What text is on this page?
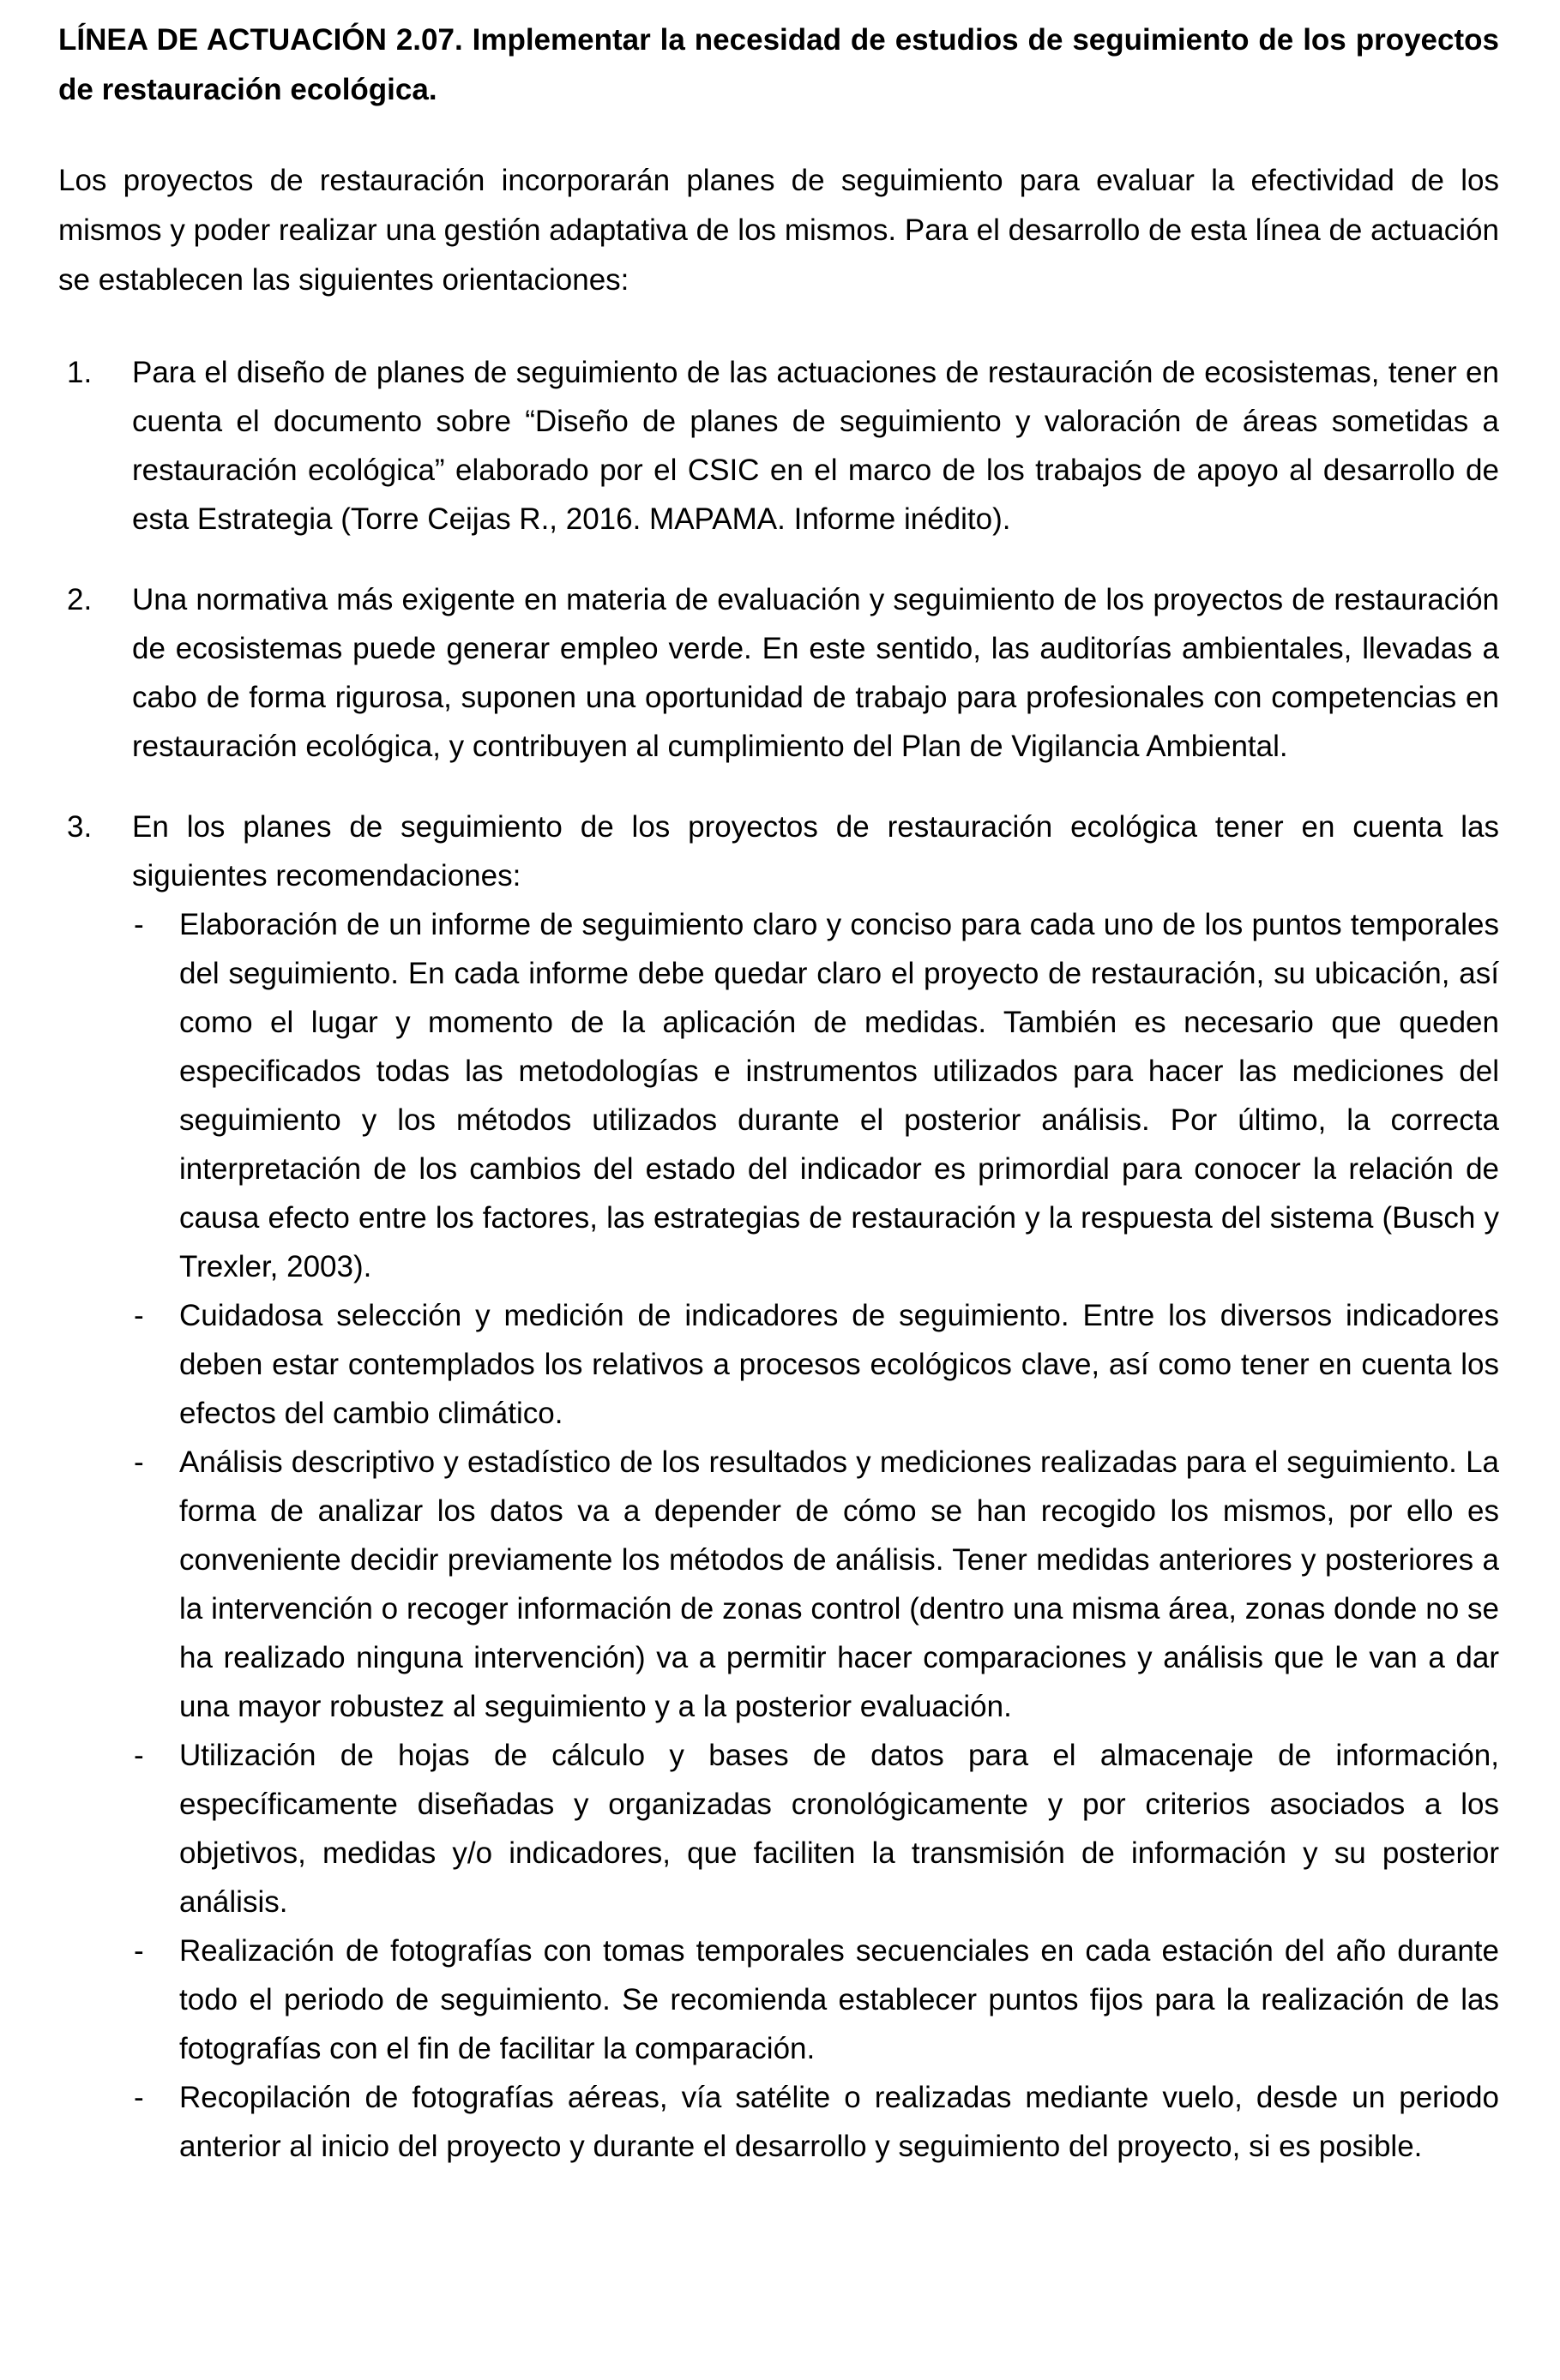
LÍNEA DE ACTUACIÓN 2.07. Implementar la necesidad de estudios de seguimiento de los proyectos de restauración ecológica.

Los proyectos de restauración incorporarán planes de seguimiento para evaluar la efectividad de los mismos y poder realizar una gestión adaptativa de los mismos. Para el desarrollo de esta línea de actuación se establecen las siguientes orientaciones:

1. Para el diseño de planes de seguimiento de las actuaciones de restauración de ecosistemas, tener en cuenta el documento sobre “Diseño de planes de seguimiento y valoración de áreas sometidas a restauración ecológica” elaborado por el CSIC en el marco de los trabajos de apoyo al desarrollo de esta Estrategia (Torre Ceijas R., 2016. MAPAMA. Informe inédito).
2. Una normativa más exigente en materia de evaluación y seguimiento de los proyectos de restauración de ecosistemas puede generar empleo verde. En este sentido, las auditorías ambientales, llevadas a cabo de forma rigurosa, suponen una oportunidad de trabajo para profesionales con competencias en restauración ecológica, y contribuyen al cumplimiento del Plan de Vigilancia Ambiental.
3. En los planes de seguimiento de los proyectos de restauración ecológica tener en cuenta las siguientes recomendaciones:
- Elaboración de un informe de seguimiento claro y conciso para cada uno de los puntos temporales del seguimiento. En cada informe debe quedar claro el proyecto de restauración, su ubicación, así como el lugar y momento de la aplicación de medidas. También es necesario que queden especificados todas las metodologías e instrumentos utilizados para hacer las mediciones del seguimiento y los métodos utilizados durante el posterior análisis. Por último, la correcta interpretación de los cambios del estado del indicador es primordial para conocer la relación de causa efecto entre los factores, las estrategias de restauración y la respuesta del sistema (Busch y Trexler, 2003).
- Cuidadosa selección y medición de indicadores de seguimiento. Entre los diversos indicadores deben estar contemplados los relativos a procesos ecológicos clave, así como tener en cuenta los efectos del cambio climático.
- Análisis descriptivo y estadístico de los resultados y mediciones realizadas para el seguimiento. La forma de analizar los datos va a depender de cómo se han recogido los mismos, por ello es conveniente decidir previamente los métodos de análisis. Tener medidas anteriores y posteriores a la intervención o recoger información de zonas control (dentro una misma área, zonas donde no se ha realizado ninguna intervención) va a permitir hacer comparaciones y análisis que le van a dar una mayor robustez al seguimiento y a la posterior evaluación.
- Utilización de hojas de cálculo y bases de datos para el almacenaje de información, específicamente diseñadas y organizadas cronológicamente y por criterios asociados a los objetivos, medidas y/o indicadores, que faciliten la transmisión de información y su posterior análisis.
- Realización de fotografías con tomas temporales secuenciales en cada estación del año durante todo el periodo de seguimiento. Se recomienda establecer puntos fijos para la realización de las fotografías con el fin de facilitar la comparación.
- Recopilación de fotografías aéreas, vía satélite o realizadas mediante vuelo, desde un periodo anterior al inicio del proyecto y durante el desarrollo y seguimiento del proyecto, si es posible.
